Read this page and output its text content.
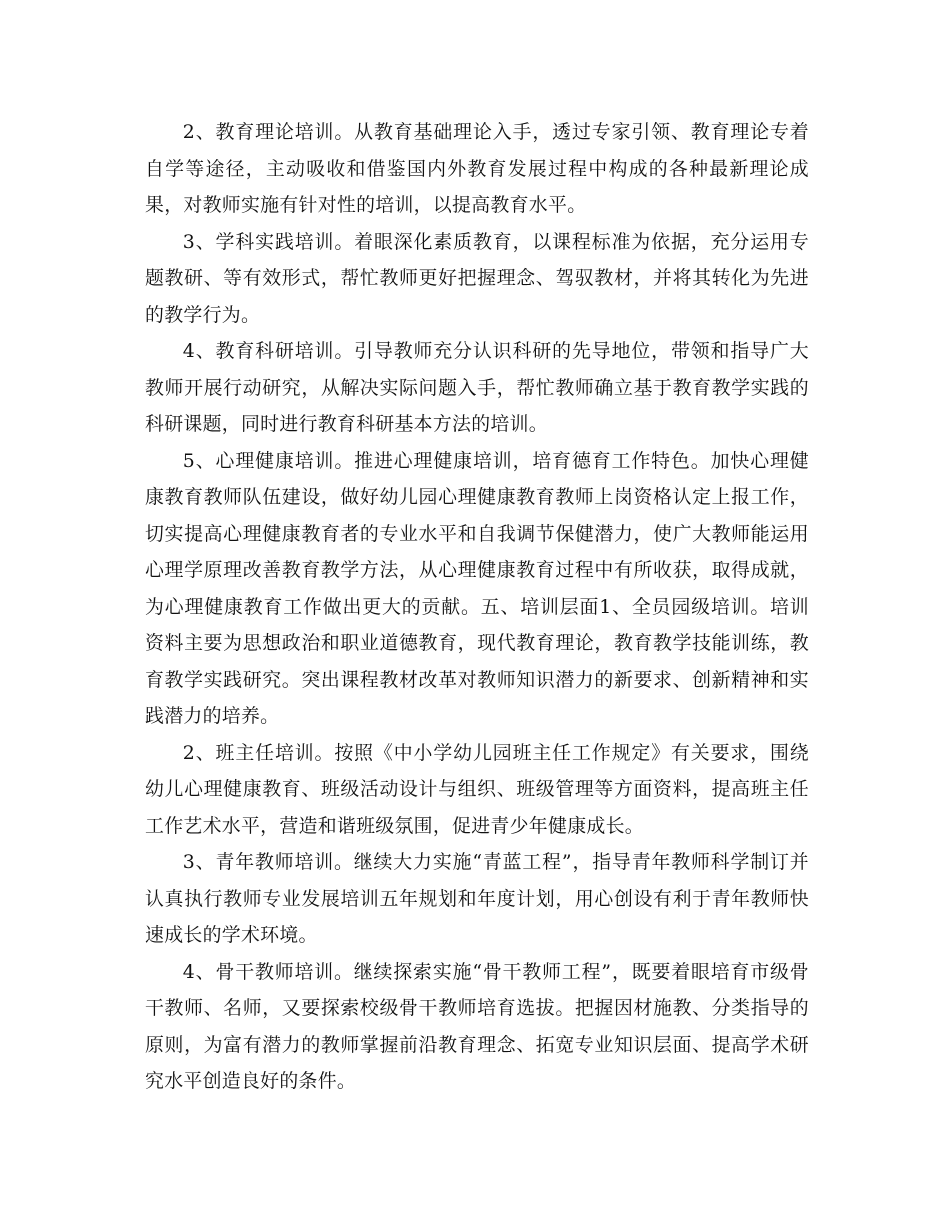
2、教育理论培训。从教育基础理论入手，透过专家引领、教育理论专着自学等途径，主动吸收和借鉴国内外教育发展过程中构成的各种最新理论成果，对教师实施有针对性的培训，以提高教育水平。

3、学科实践培训。着眼深化素质教育，以课程标准为依据，充分运用专题教研、等有效形式，帮忙教师更好把握理念、驾驭教材，并将其转化为先进的教学行为。

4、教育科研培训。引导教师充分认识科研的先导地位，带领和指导广大教师开展行动研究，从解决实际问题入手，帮忙教师确立基于教育教学实践的科研课题，同时进行教育科研基本方法的培训。

5、心理健康培训。推进心理健康培训，培育德育工作特色。加快心理健康教育教师队伍建设，做好幼儿园心理健康教育教师上岗资格认定上报工作，切实提高心理健康教育者的专业水平和自我调节保健潜力，使广大教师能运用心理学原理改善教育教学方法，从心理健康教育过程中有所收获，取得成就，为心理健康教育工作做出更大的贡献。五、培训层面1、全员园级培训。培训资料主要为思想政治和职业道德教育，现代教育理论，教育教学技能训练，教育教学实践研究。突出课程教材改革对教师知识潜力的新要求、创新精神和实践潜力的培养。

2、班主任培训。按照《中小学幼儿园班主任工作规定》有关要求，围绕幼儿心理健康教育、班级活动设计与组织、班级管理等方面资料，提高班主任工作艺术水平，营造和谐班级氛围，促进青少年健康成长。

3、青年教师培训。继续大力实施“青蓝工程”，指导青年教师科学制订并认真执行教师专业发展培训五年规划和年度计划，用心创设有利于青年教师快速成长的学术环境。

4、骨干教师培训。继续探索实施“骨干教师工程”，既要着眼培育市级骨干教师、名师，又要探索校级骨干教师培育选拔。把握因材施教、分类指导的原则，为富有潜力的教师掌握前沿教育理念、拓宽专业知识层面、提高学术研究水平创造良好的条件。
